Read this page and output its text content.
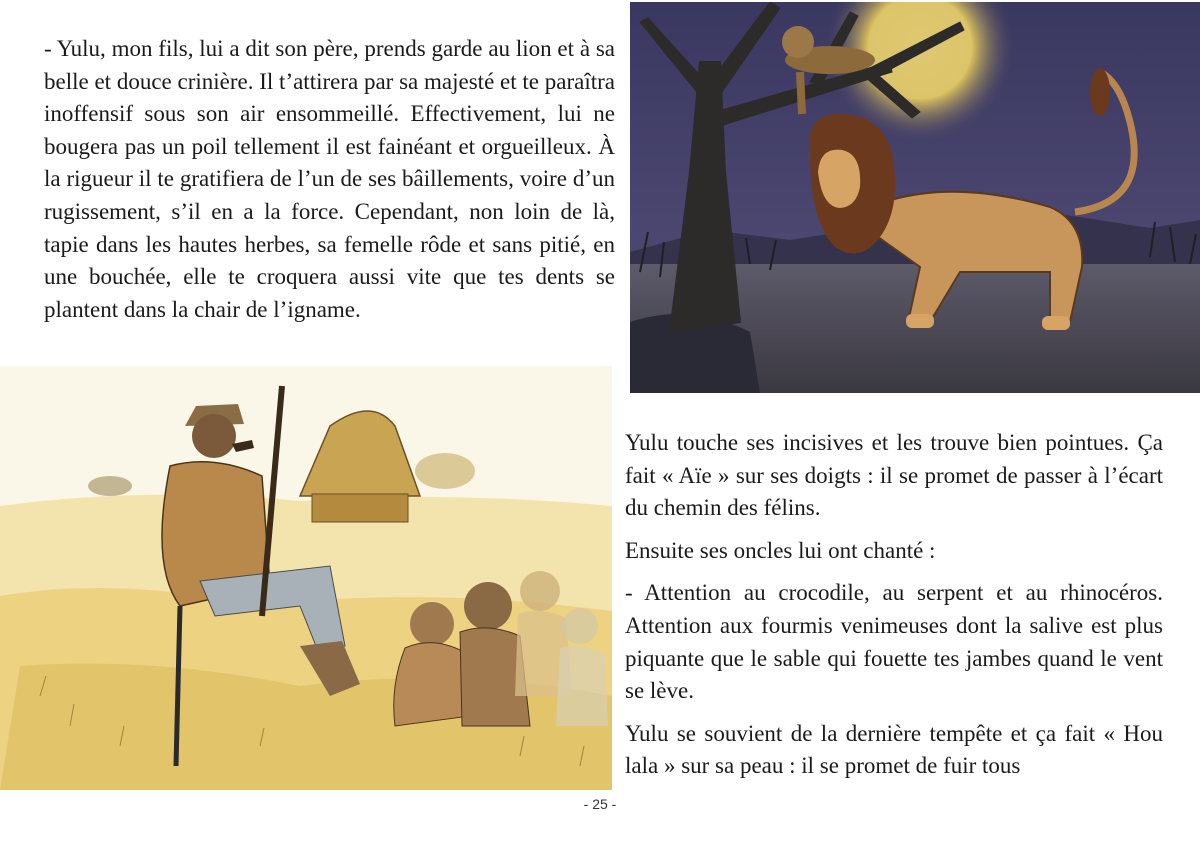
- Yulu, mon fils, lui a dit son père, prends garde au lion et à sa belle et douce crinière. Il t’attirera par sa majesté et te paraîtra inoffensif sous son air ensommeillé. Effectivement, lui ne bougera pas un poil tellement il est fainéant et orgueilleux. À la rigueur il te gratifiera de l’un de ses bâillements, voire d’un rugissement, s’il en a la force. Cependant, non loin de là, tapie dans les hautes herbes, sa femelle rôde et sans pitié, en une bouchée, elle te croquera aussi vite que tes dents se plantent dans la chair de l’igname.

Yulu touche ses incisives et les trouve bien pointues. Ça fait « Aïe » sur ses doigts : il se promet de passer à l’écart du chemin des félins.

Ensuite ses oncles lui ont chanté :

- Attention au crocodile, au serpent et au rhinocéros. Attention aux fourmis venimeuses dont la salive est plus piquante que le sable qui fouette tes jambes quand le vent se lève.

Yulu se souvient de la dernière tempête et ça fait « Hou lala » sur sa peau : il se promet de fuir tous

- 25 -
